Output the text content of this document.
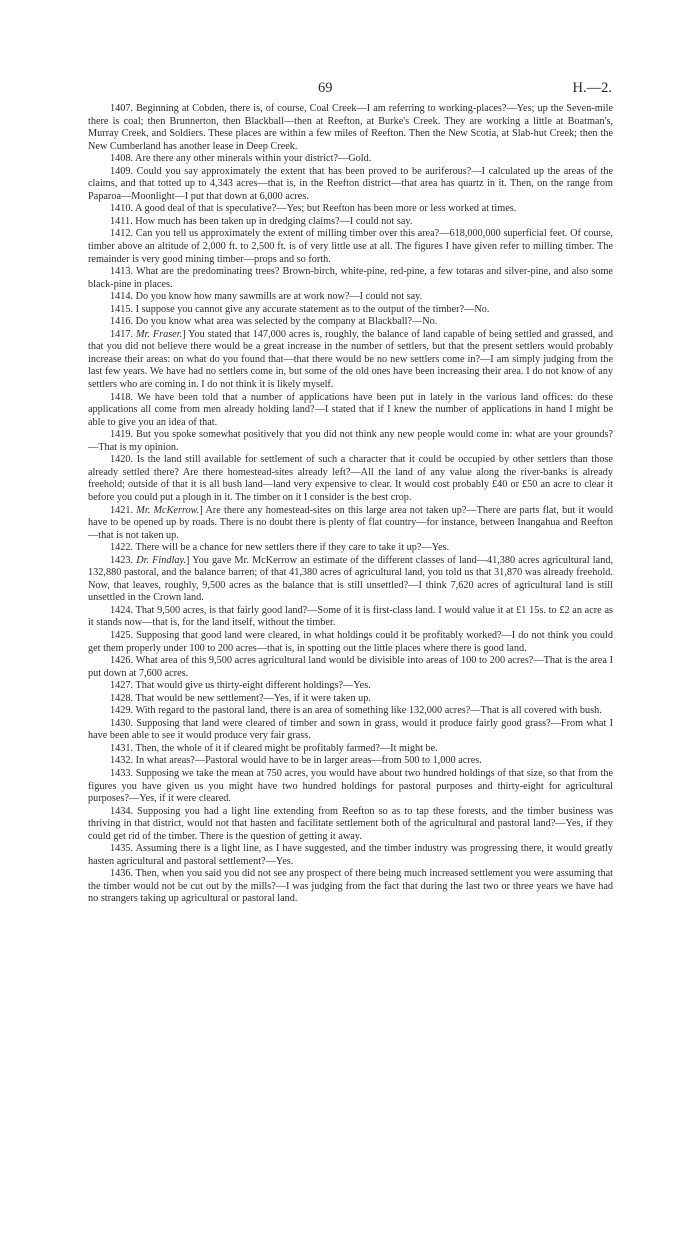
69	H.—2.

1407. Beginning at Cobden, there is, of course, Coal Creek—I am referring to working-places?—Yes; up the Seven-mile there is coal; then Brunnerton, then Blackball—then at Reefton, at Burke's Creek. They are working a little at Boatman's, Murray Creek, and Soldiers. These places are within a few miles of Reefton. Then the New Scotia, at Slab-hut Creek; then the New Cumberland has another lease in Deep Creek.

1408. Are there any other minerals within your district?—Gold.

1409. Could you say approximately the extent that has been proved to be auriferous?—I calculated up the areas of the claims, and that totted up to 4,343 acres—that is, in the Reefton district—that area has quartz in it. Then, on the range from Paparoa—Moonlight—I put that down at 6,000 acres.

1410. A good deal of that is speculative?—Yes; but Reefton has been more or less worked at times.

1411. How much has been taken up in dredging claims?—I could not say.

1412. Can you tell us approximately the extent of milling timber over this area?—618,000,000 superficial feet. Of course, timber above an altitude of 2,000 ft. to 2,500 ft. is of very little use at all. The figures I have given refer to milling timber. The remainder is very good mining timber—props and so forth.

1413. What are the predominating trees? Brown-birch, white-pine, red-pine, a few totaras and silver-pine, and also some black-pine in places.

1414. Do you know how many sawmills are at work now?—I could not say.

1415. I suppose you cannot give any accurate statement as to the output of the timber?—No.

1416. Do you know what area was selected by the company at Blackball?—No.

1417. Mr. Fraser.] You stated that 147,000 acres is, roughly, the balance of land capable of being settled and grassed, and that you did not believe there would be a great increase in the number of settlers, but that the present settlers would probably increase their areas: on what do you found that—that there would be no new settlers come in?—I am simply judging from the last few years. We have had no settlers come in, but some of the old ones have been increasing their area. I do not know of any settlers who are coming in. I do not think it is likely myself.

1418. We have been told that a number of applications have been put in lately in the various land offices: do these applications all come from men already holding land?—I stated that if I knew the number of applications in hand I might be able to give you an idea of that.

1419. But you spoke somewhat positively that you did not think any new people would come in: what are your grounds?—That is my opinion.

1420. Is the land still available for settlement of such a character that it could be occupied by other settlers than those already settled there? Are there homestead-sites already left?—All the land of any value along the river-banks is already freehold; outside of that it is all bush land—land very expensive to clear. It would cost probably £40 or £50 an acre to clear it before you could put a plough in it. The timber on it I consider is the best crop.

1421. Mr. McKerrow.] Are there any homestead-sites on this large area not taken up?—There are parts flat, but it would have to be opened up by roads. There is no doubt there is plenty of flat country—for instance, between Inangahua and Reefton—that is not taken up.

1422. There will be a chance for new settlers there if they care to take it up?—Yes.

1423. Dr. Findlay.] You gave Mr. McKerrow an estimate of the different classes of land—41,380 acres agricultural land, 132,880 pastoral, and the balance barren; of that 41,380 acres of agricultural land, you told us that 31,870 was already freehold. Now, that leaves, roughly, 9,500 acres as the balance that is still unsettled?—I think 7,620 acres of agricultural land is still unsettled in the Crown land.

1424. That 9,500 acres, is that fairly good land?—Some of it is first-class land. I would value it at £1 15s. to £2 an acre as it stands now—that is, for the land itself, without the timber.

1425. Supposing that good land were cleared, in what holdings could it be profitably worked?—I do not think you could get them properly under 100 to 200 acres—that is, in spotting out the little places where there is good land.

1426. What area of this 9,500 acres agricultural land would be divisible into areas of 100 to 200 acres?—That is the area I put down at 7,600 acres.

1427. That would give us thirty-eight different holdings?—Yes.

1428. That would be new settlement?—Yes, if it were taken up.

1429. With regard to the pastoral land, there is an area of something like 132,000 acres?—That is all covered with bush.

1430. Supposing that land were cleared of timber and sown in grass, would it produce fairly good grass?—From what I have been able to see it would produce very fair grass.

1431. Then, the whole of it if cleared might be profitably farmed?—It might be.

1432. In what areas?—Pastoral would have to be in larger areas—from 500 to 1,000 acres.

1433. Supposing we take the mean at 750 acres, you would have about two hundred holdings of that size, so that from the figures you have given us you might have two hundred holdings for pastoral purposes and thirty-eight for agricultural purposes?—Yes, if it were cleared.

1434. Supposing you had a light line extending from Reefton so as to tap these forests, and the timber business was thriving in that district, would not that hasten and facilitate settlement both of the agricultural and pastoral land?—Yes, if they could get rid of the timber. There is the question of getting it away.

1435. Assuming there is a light line, as I have suggested, and the timber industry was progressing there, it would greatly hasten agricultural and pastoral settlement?—Yes.

1436. Then, when you said you did not see any prospect of there being much increased settlement you were assuming that the timber would not be cut out by the mills?—I was judging from the fact that during the last two or three years we have had no strangers taking up agricultural or pastoral land.
